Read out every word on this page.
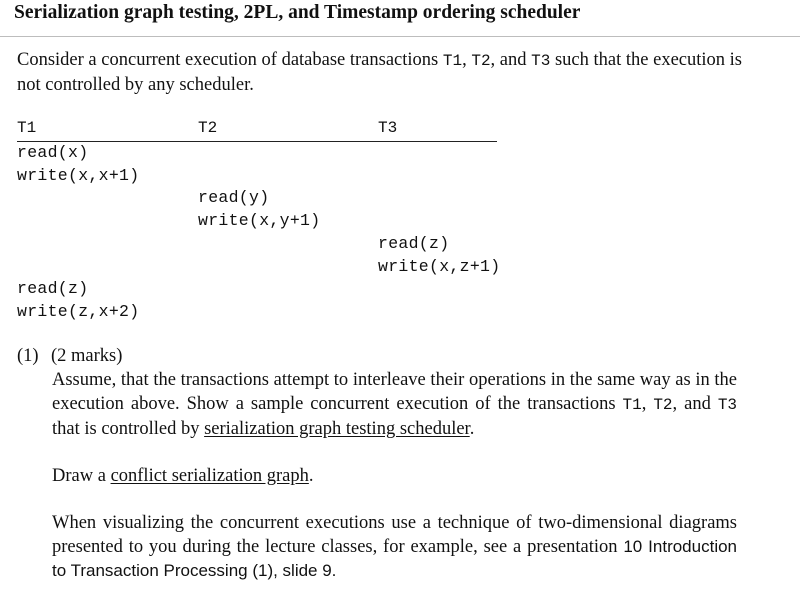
Serialization graph testing, 2PL, and Timestamp ordering scheduler
Consider a concurrent execution of database transactions T1, T2, and T3 such that the execution is not controlled by any scheduler.
T1	T2	T3
read(x)
write(x,x+1)
read(y)
write(x,y+1)
read(z)
write(x,z+1)
read(z)
write(z,x+2)
(1) (2 marks)

Assume, that the transactions attempt to interleave their operations in the same way as in the execution above. Show a sample concurrent execution of the transactions T1, T2, and T3 that is controlled by serialization graph testing scheduler.

Draw a conflict serialization graph.

When visualizing the concurrent executions use a technique of two-dimensional diagrams presented to you during the lecture classes, for example, see a presentation 10 Introduction to Transaction Processing (1), slide 9.
